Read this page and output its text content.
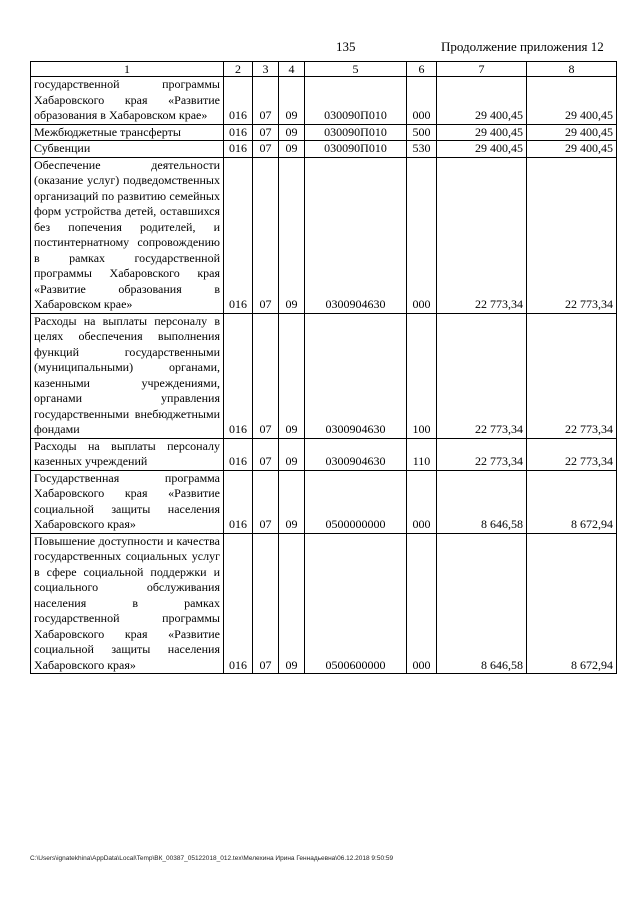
135	Продолжение приложения 12
1	2	3	4	5	6	7	8
государственной программы Хабаровского края «Развитие образования в Хабаровском крае»	016	07	09	030090П010	000	29 400,45	29 400,45
Межбюджетные трансферты	016	07	09	030090П010	500	29 400,45	29 400,45
Субвенции	016	07	09	030090П010	530	29 400,45	29 400,45
Обеспечение деятельности (оказание услуг) подведомственных организаций по развитию семейных форм устройства детей, оставшихся без попечения родителей, и постинтернатному сопровождению в рамках государственной программы Хабаровского края «Развитие образования в Хабаровском крае»	016	07	09	0300904630	000	22 773,34	22 773,34
Расходы на выплаты персоналу в целях обеспечения выполнения функций государственными (муниципальными) органами, казенными учреждениями, органами управления государственными внебюджетными фондами	016	07	09	0300904630	100	22 773,34	22 773,34
Расходы на выплаты персоналу казенных учреждений	016	07	09	0300904630	110	22 773,34	22 773,34
Государственная программа Хабаровского края «Развитие социальной защиты населения Хабаровского края»	016	07	09	0500000000	000	8 646,58	8 672,94
Повышение доступности и качества государственных социальных услуг в сфере социальной поддержки и социального обслуживания населения в рамках государственной программы Хабаровского края «Развитие социальной защиты населения Хабаровского края»	016	07	09	0500600000	000	8 646,58	8 672,94
C:\Users\ignatekhina\AppData\Local\Temp\ВК_00387_05122018_012.tex\Мелехина Ирина Геннадьевна\06.12.2018 9:50:59
